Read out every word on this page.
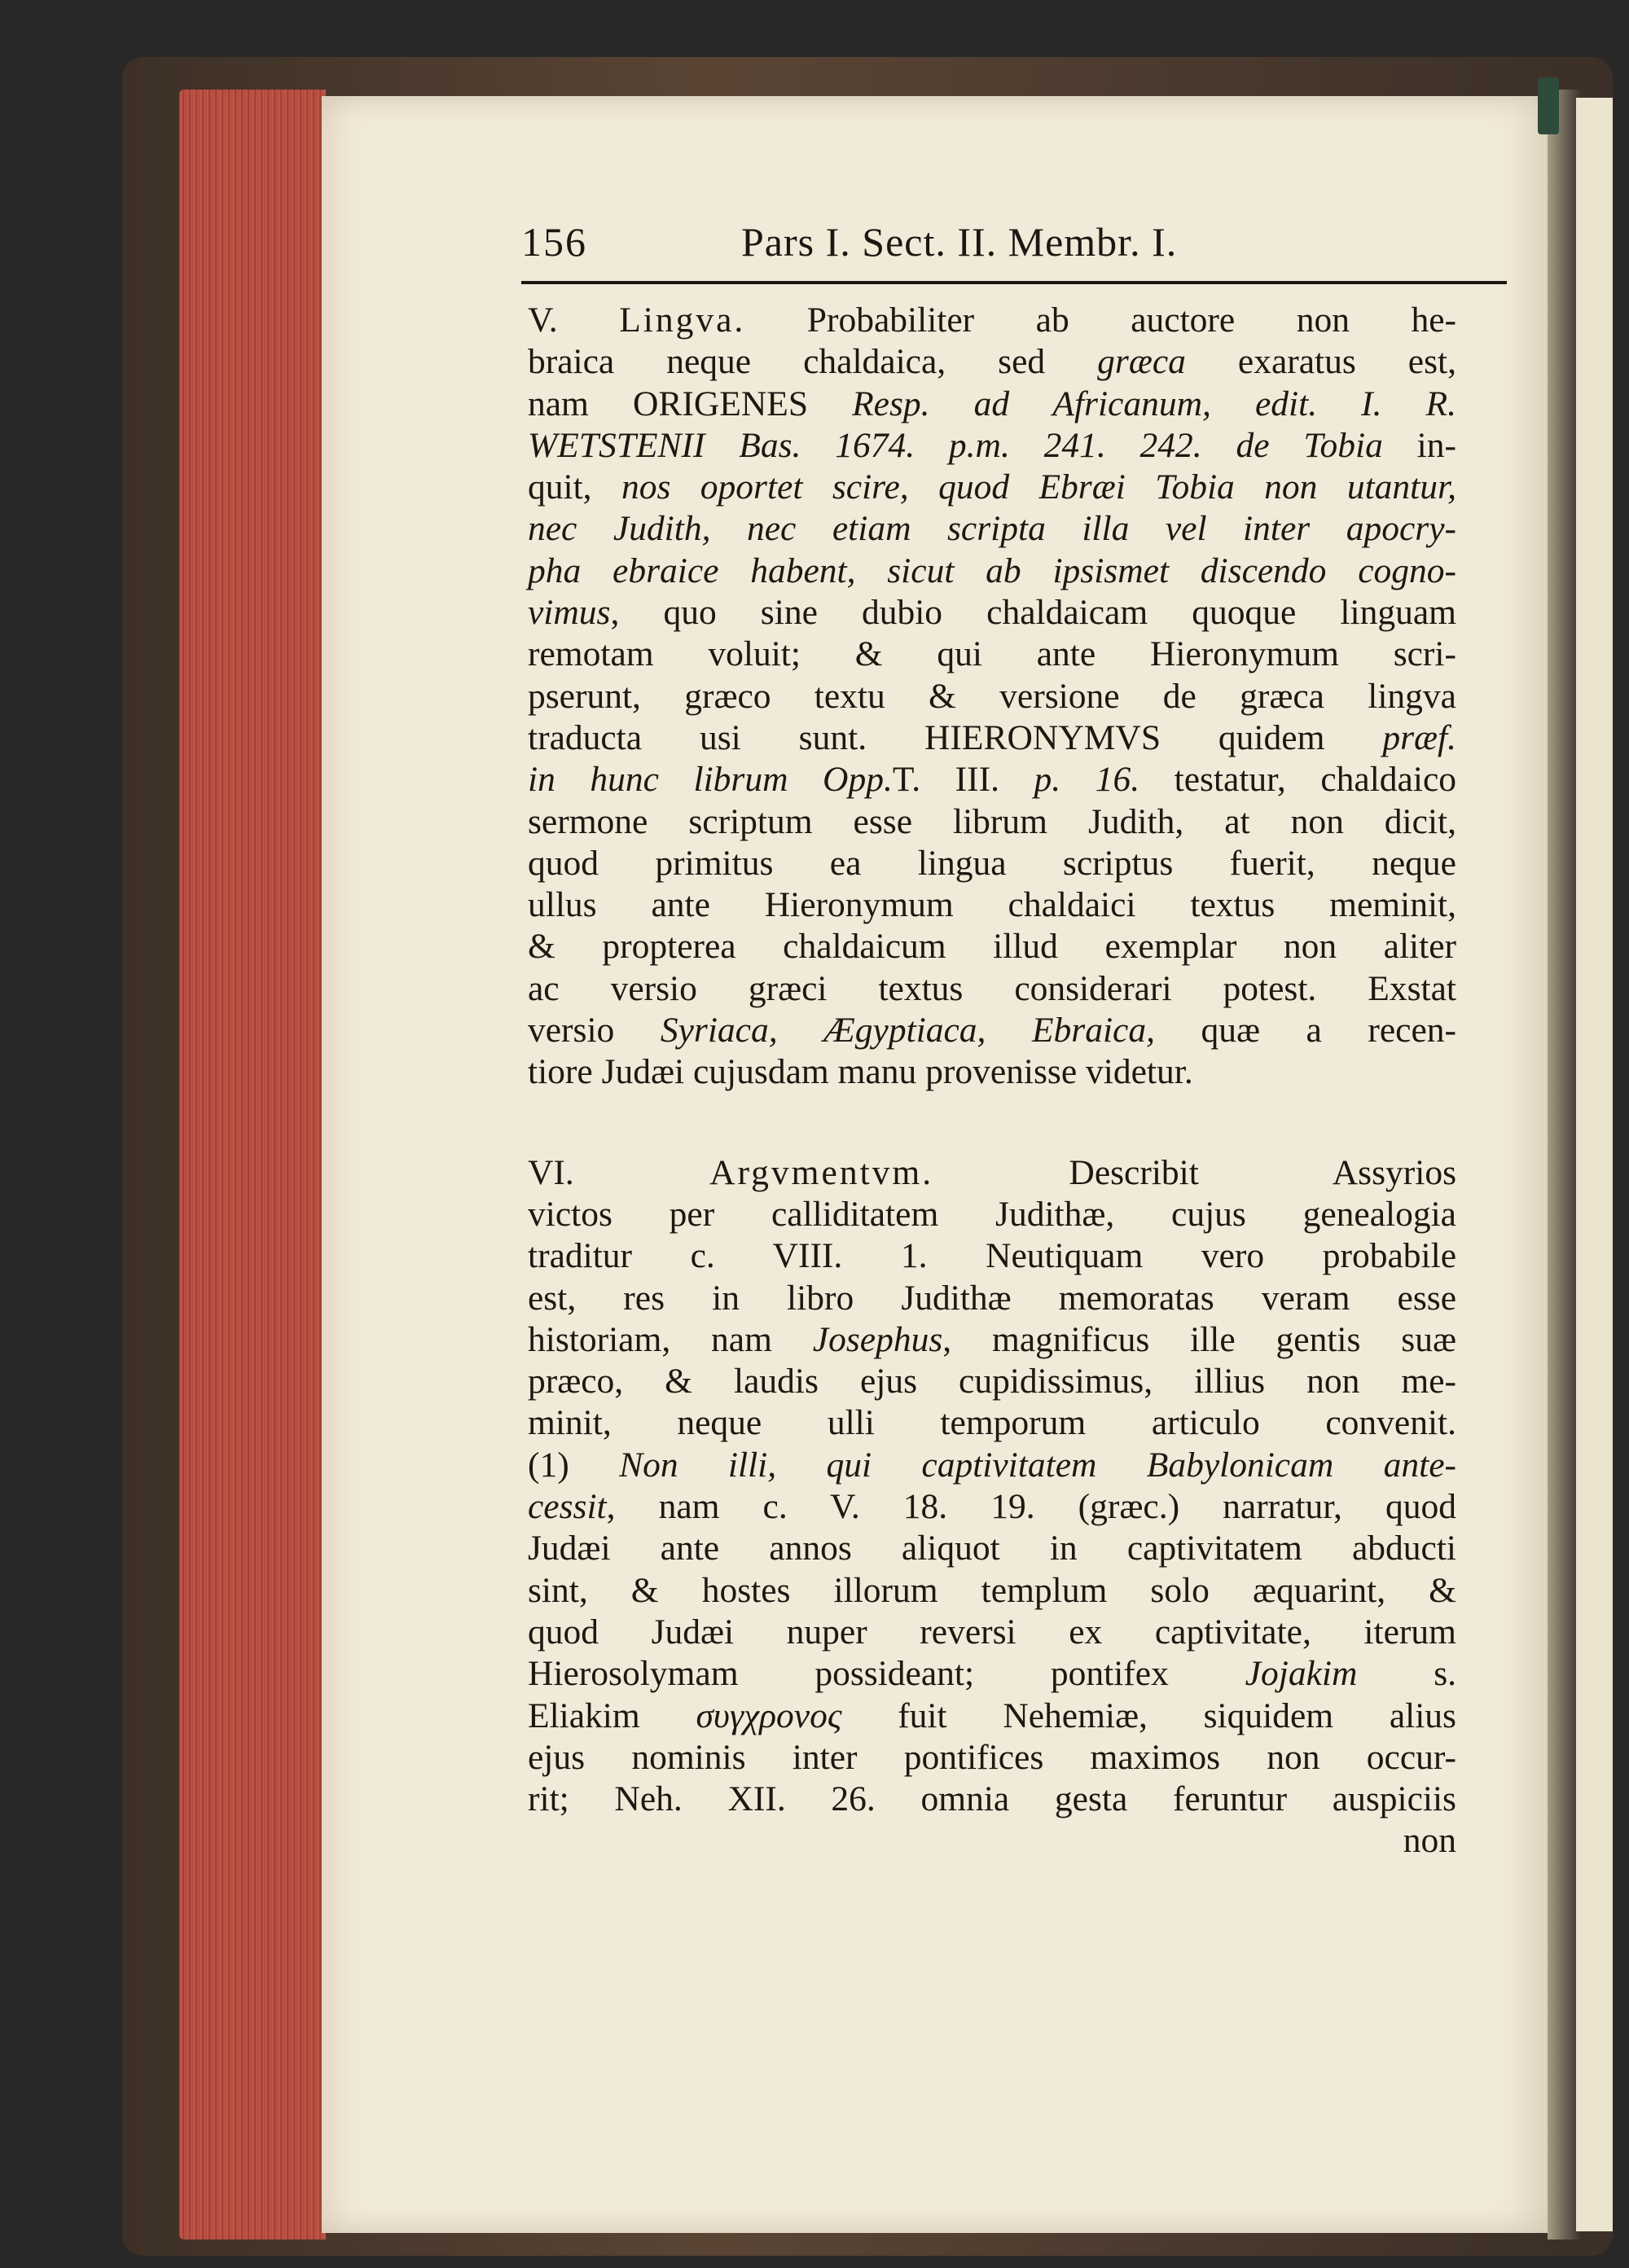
156	Pars I. Sect. II. Membr. I.
V. Lingva. Probabiliter ab auctore non he-
braica neque chaldaica, sed græca exaratus est,
nam ORIGENES Resp. ad Africanum, edit. I. R.
WETSTENII Bas. 1674. p.m. 241. 242. de Tobia in-
quit, nos oportet scire, quod Ebræi Tobia non utantur,
nec Judith, nec etiam scripta illa vel inter apocry-
pha ebraice habent, sicut ab ipsismet discendo cogno-
vimus, quo sine dubio chaldaicam quoque linguam
remotam voluit; & qui ante Hieronymum scri-
pserunt, græco textu & versione de græca lingva
traducta usi sunt. HIERONYMVS quidem præf.
in hunc librum Opp.T. III. p. 16. testatur, chaldaico
sermone scriptum esse librum Judith, at non dicit,
quod primitus ea lingua scriptus fuerit, neque
ullus ante Hieronymum chaldaici textus meminit,
& propterea chaldaicum illud exemplar non aliter
ac versio græci textus considerari potest. Exstat
versio Syriaca, Ægyptiaca, Ebraica, quæ a recen-
tiore Judæi cujusdam manu provenisse videtur.
VI. Argvmentvm. Describit Assyrios
victos per calliditatem Judithæ, cujus genealogia
traditur c. VIII. 1. Neutiquam vero probabile
est, res in libro Judithæ memoratas veram esse
historiam, nam Josephus, magnificus ille gentis suæ
præco, & laudis ejus cupidissimus, illius non me-
minit, neque ulli temporum articulo convenit.
(1) Non illi, qui captivitatem Babylonicam ante-
cessit, nam c. V. 18. 19. (græc.) narratur, quod
Judæi ante annos aliquot in captivitatem abducti
sint, & hostes illorum templum solo æquarint, &
quod Judæi nuper reversi ex captivitate, iterum
Hierosolymam possideant; pontifex Jojakim s.
Eliakim συγχρονος fuit Nehemiæ, siquidem alius
ejus nominis inter pontifices maximos non occur-
rit; Neh. XII. 26. omnia gesta feruntur auspiciis
non
